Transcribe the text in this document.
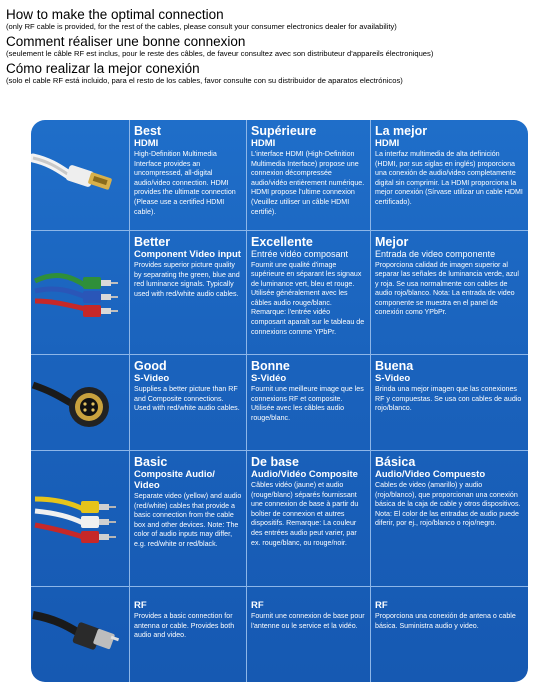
How to make the optimal connection
(only RF cable is provided, for the rest of the cables, please consult your consumer electronics dealer for availability)
Comment réaliser une bonne connexion
(seulement le câble RF est inclus, pour le reste des câbles, de faveur consultez avec son distributeur d'appareils électroniques)
Cómo realizar la mejor conexión
(solo el cable RF está incluido, para el resto de los cables, favor consulte con su distribuidor de aparatos electrónicos)
Best
HDMI
High-Definition Multimedia Interface provides an uncompressed, all-digital audio/video connection. HDMI provides the ultimate connection (Please use a certified HDMI cable).
Supérieure
HDMI
L'interface HDMI (High-Definition Multimedia Interface) propose une connexion décompressée audio/vidéo entièrement numérique. HDMI propose l'ultime connexion (Veuillez utiliser un câble HDMI certifié).
La mejor
HDMI
La interfaz multimedia de alta definición (HDMI, por sus siglas en inglés) proporciona una conexión de audio/video completamente digital sin comprimir. La HDMI proporciona la mejor conexión (Sírvase utilizar un cable HDMI certificado).
Better
Component Video input
Provides superior picture quality by separating the green, blue and red luminance signals. Typically used with red/white audio cables.
Excellente
Entrée vidéo composant
Fournit une qualité d'image supérieure en séparant les signaux de luminance vert, bleu et rouge. Utilisée généralement avec les câbles audio rouge/blanc. Remarque: l'entrée vidéo composant aparaît sur le tableau de connexions comme YPbPr.
Mejor
Entrada de video componente
Proporciona calidad de imagen superior al separar las señales de luminancia verde, azul y roja. Se usa normalmente con cables de audio rojo/blanco. Nota: La entrada de video componente se muestra en el panel de conexión como YPbPr.
Good
S-Video
Supplies a better picture than RF and Composite connections. Used with red/white audio cables.
Bonne
S-Vidéo
Fournit une meilleure image que les connexions RF et composite. Utilisée avec les câbles audio rouge/blanc.
Buena
S-Video
Brinda una mejor imagen que las conexiones RF y compuestas. Se usa con cables de audio rojo/blanco.
Basic
Composite Audio/ Video
Separate video (yellow) and audio (red/white) cables that provide a basic connection from the cable box and other devices. Note: The color of audio inputs may differ, e.g. red/white or red/black.
De base
Audio/Vidéo Composite
Câbles vidéo (jaune) et audio (rouge/blanc) séparés fournissant une connexion de base à partir du boîtier de connexion et autres dispositifs. Remarque: La couleur des entrées audio peut varier, par ex. rouge/blanc, ou rouge/noir.
Básica
Audio/Video Compuesto
Cables de video (amarillo) y audio (rojo/blanco), que proporcionan una conexión básica de la caja de cable y otros dispositivos. Nota: El color de las entradas de audio puede diferir, por ej., rojo/blanco o rojo/negro.
RF
Provides a basic connection for antenna or cable. Provides both audio and video.
RF
Fournit une connexion de base pour l'antenne ou le service et la vidéo.
RF
Proporciona una conexión de antena o cable básica. Suministra audio y video.
